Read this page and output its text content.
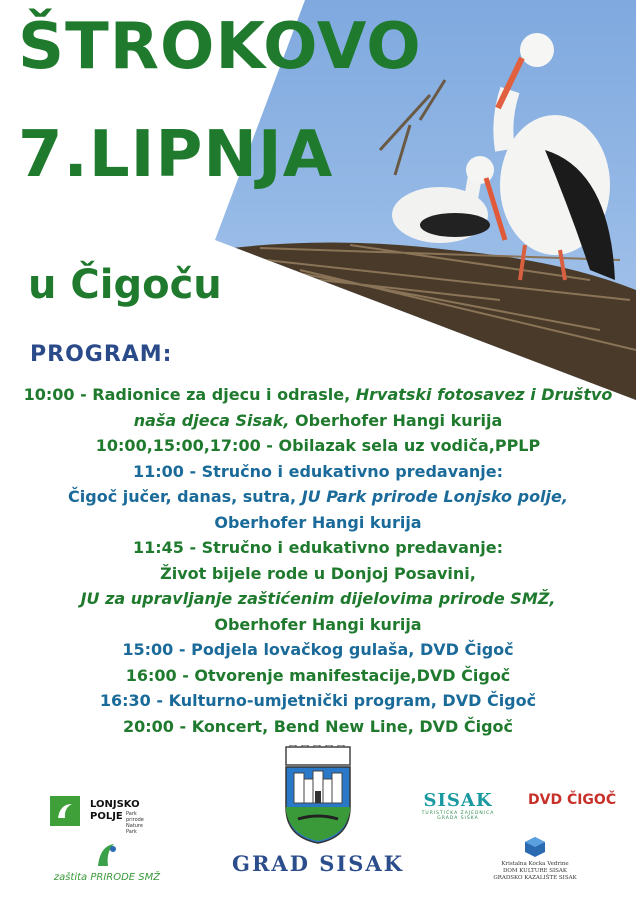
ŠTROKOVO
7.LIPNJA
u Čigoču
PROGRAM:
10:00 - Radionice za djecu i odrasle, Hrvatski fotosavez i Društvo
naša djeca Sisak, Oberhofer Hangi kurija
10:00,15:00,17:00 - Obilazak sela uz vodiča,PPLP
11:00 - Stručno i edukativno predavanje:
Čigoč jučer, danas, sutra, JU Park prirode Lonjsko polje,
Oberhofer Hangi kurija
11:45 - Stručno i edukativno predavanje:
Život bijele rode u Donjoj Posavini,
JU za upravljanje zaštićenim dijelovima prirode SMŽ,
Oberhofer Hangi kurija
15:00 - Podjela lovačkog gulaša, DVD Čigoč
16:00 - Otvorenje manifestacije,DVD Čigoč
16:30 - Kulturno-umjetnički program, DVD Čigoč
20:00 - Koncert, Bend New Line, DVD Čigoč
LONJSKO
POLJE Park prirode
Nature Park
zaštita PRIRODE SMŽ
GRAD SISAK
SISAK
TURISTIČKA ZAJEDNICA
GRADA SISKA
DVD ČIGOČ
Kristalna Kocka Vedrine
DOM KULTURE SISAK
GRADSKO KAZALIŠTE SISAK
